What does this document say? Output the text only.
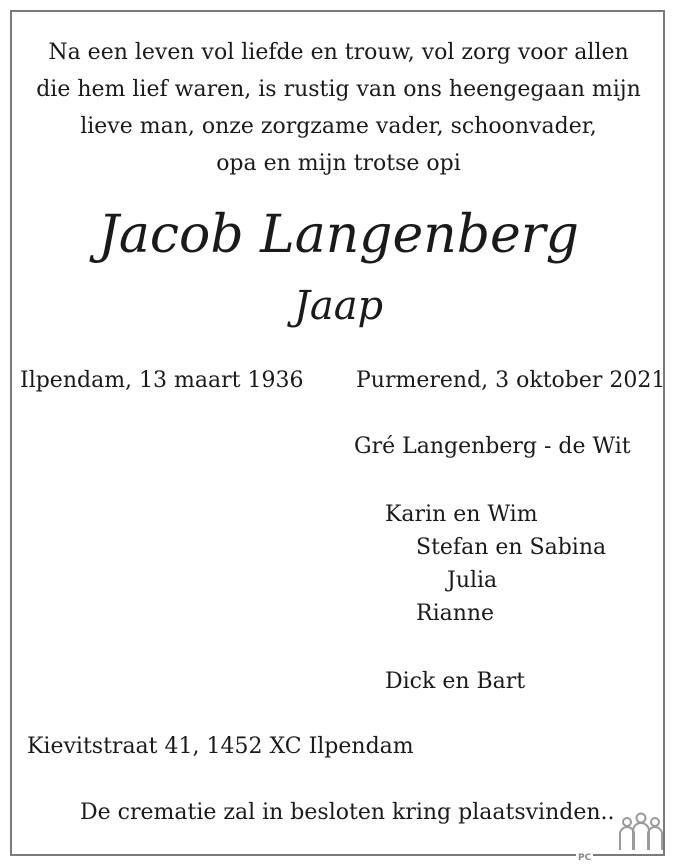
Na een leven vol liefde en trouw, vol zorg voor allen
die hem lief waren, is rustig van ons heengegaan mijn
lieve man, onze zorgzame vader, schoonvader,
opa en mijn trotse opi
Jacob Langenberg
Jaap
Ilpendam, 13 maart 1936 Purmerend, 3 oktober 2021
Gré Langenberg - de Wit
Karin en Wim
Stefan en Sabina
Julia
Rianne
Dick en Bart
Kievitstraat 41, 1452 XC Ilpendam
De crematie zal in besloten kring plaatsvinden..
PC
